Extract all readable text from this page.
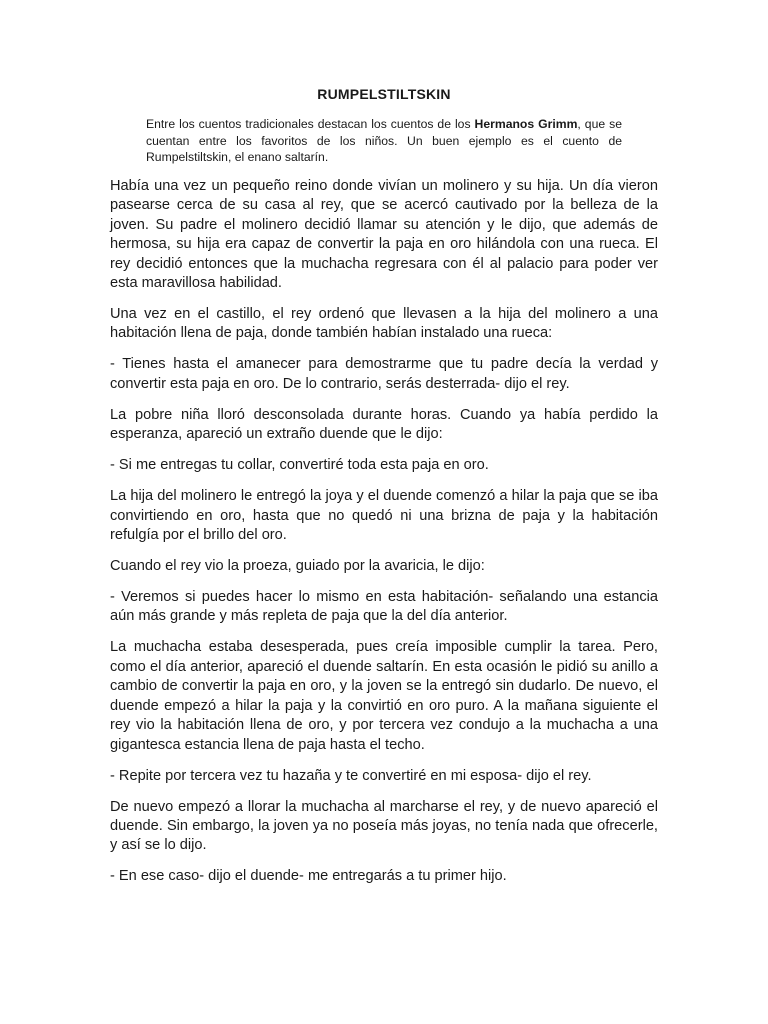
RUMPELSTILTSKIN
Entre los cuentos tradicionales destacan los cuentos de los Hermanos Grimm, que se cuentan entre los favoritos de los niños. Un buen ejemplo es el cuento de Rumpelstiltskin, el enano saltarín.

Había una vez un pequeño reino donde vivían un molinero y su hija. Un día vieron pasearse cerca de su casa al rey, que se acercó cautivado por la belleza de la joven. Su padre el molinero decidió llamar su atención y le dijo, que además de hermosa, su hija era capaz de convertir la paja en oro hilándola con una rueca. El rey decidió entonces que la muchacha regresara con él al palacio para poder ver esta maravillosa habilidad.

Una vez en el castillo, el rey ordenó que llevasen a la hija del molinero a una habitación llena de paja, donde también habían instalado una rueca:

- Tienes hasta el amanecer para demostrarme que tu padre decía la verdad y convertir esta paja en oro. De lo contrario, serás desterrada- dijo el rey.

La pobre niña lloró desconsolada durante horas. Cuando ya había perdido la esperanza, apareció un extraño duende que le dijo:

- Si me entregas tu collar, convertiré toda esta paja en oro.

La hija del molinero le entregó la joya y el duende comenzó a hilar la paja que se iba convirtiendo en oro, hasta que no quedó ni una brizna de paja y la habitación refulgía por el brillo del oro.

Cuando el rey vio la proeza, guiado por la avaricia, le dijo:

- Veremos si puedes hacer lo mismo en esta habitación- señalando una estancia aún más grande y más repleta de paja que la del día anterior.

La muchacha estaba desesperada, pues creía imposible cumplir la tarea. Pero, como el día anterior, apareció el duende saltarín. En esta ocasión le pidió su anillo a cambio de convertir la paja en oro, y la joven se la entregó sin dudarlo. De nuevo, el duende empezó a hilar la paja y la convirtió en oro puro. A la mañana siguiente el rey vio la habitación llena de oro, y por tercera vez condujo a la muchacha a una gigantesca estancia llena de paja hasta el techo.

- Repite por tercera vez tu hazaña y te convertiré en mi esposa- dijo el rey.

De nuevo empezó a llorar la muchacha al marcharse el rey, y de nuevo apareció el duende. Sin embargo, la joven ya no poseía más joyas, no tenía nada que ofrecerle, y así se lo dijo.

- En ese caso- dijo el duende- me entregarás a tu primer hijo.
